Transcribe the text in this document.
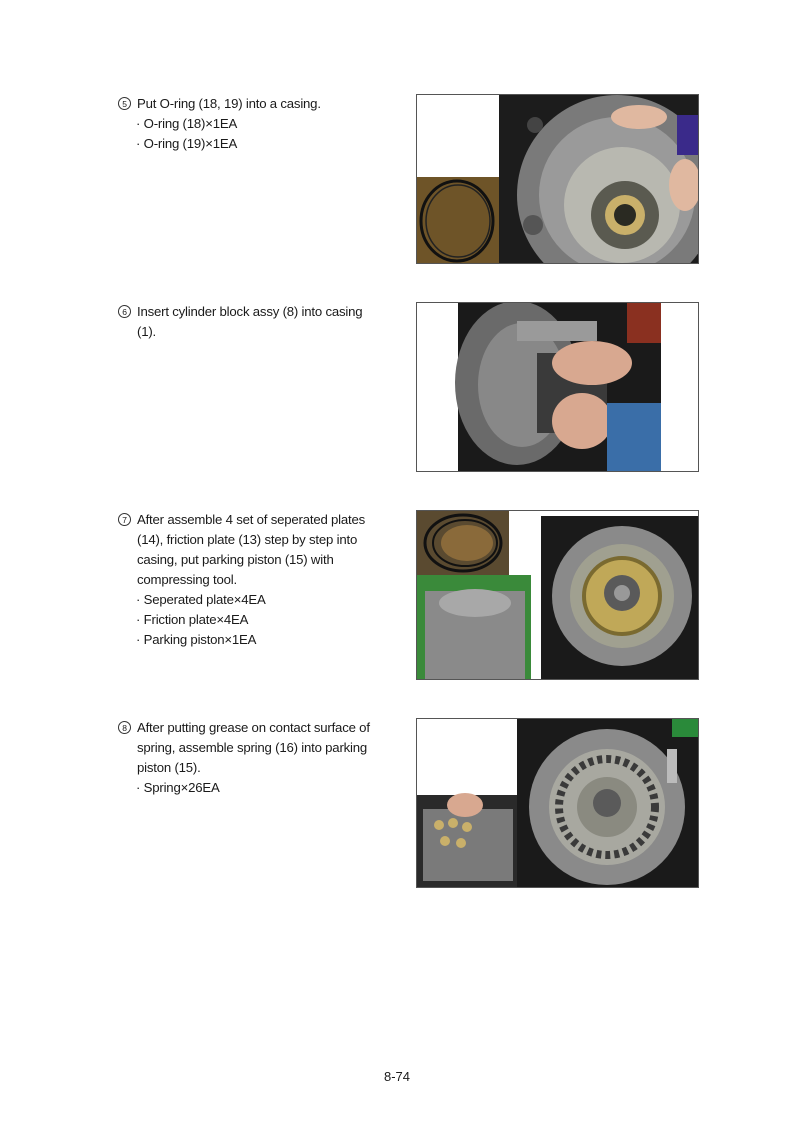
5 Put O-ring (18, 19) into a casing.
· O-ring (18)×1EA
· O-ring (19)×1EA
6 Insert cylinder block assy (8) into casing (1).
7 After assemble 4 set of seperated plates (14), friction plate (13) step by step into casing, put parking piston (15) with compressing tool.
· Seperated plate×4EA
· Friction plate×4EA
· Parking piston×1EA
8 After putting grease on contact surface of spring, assemble spring (16) into parking piston (15).
· Spring×26EA
8-74
